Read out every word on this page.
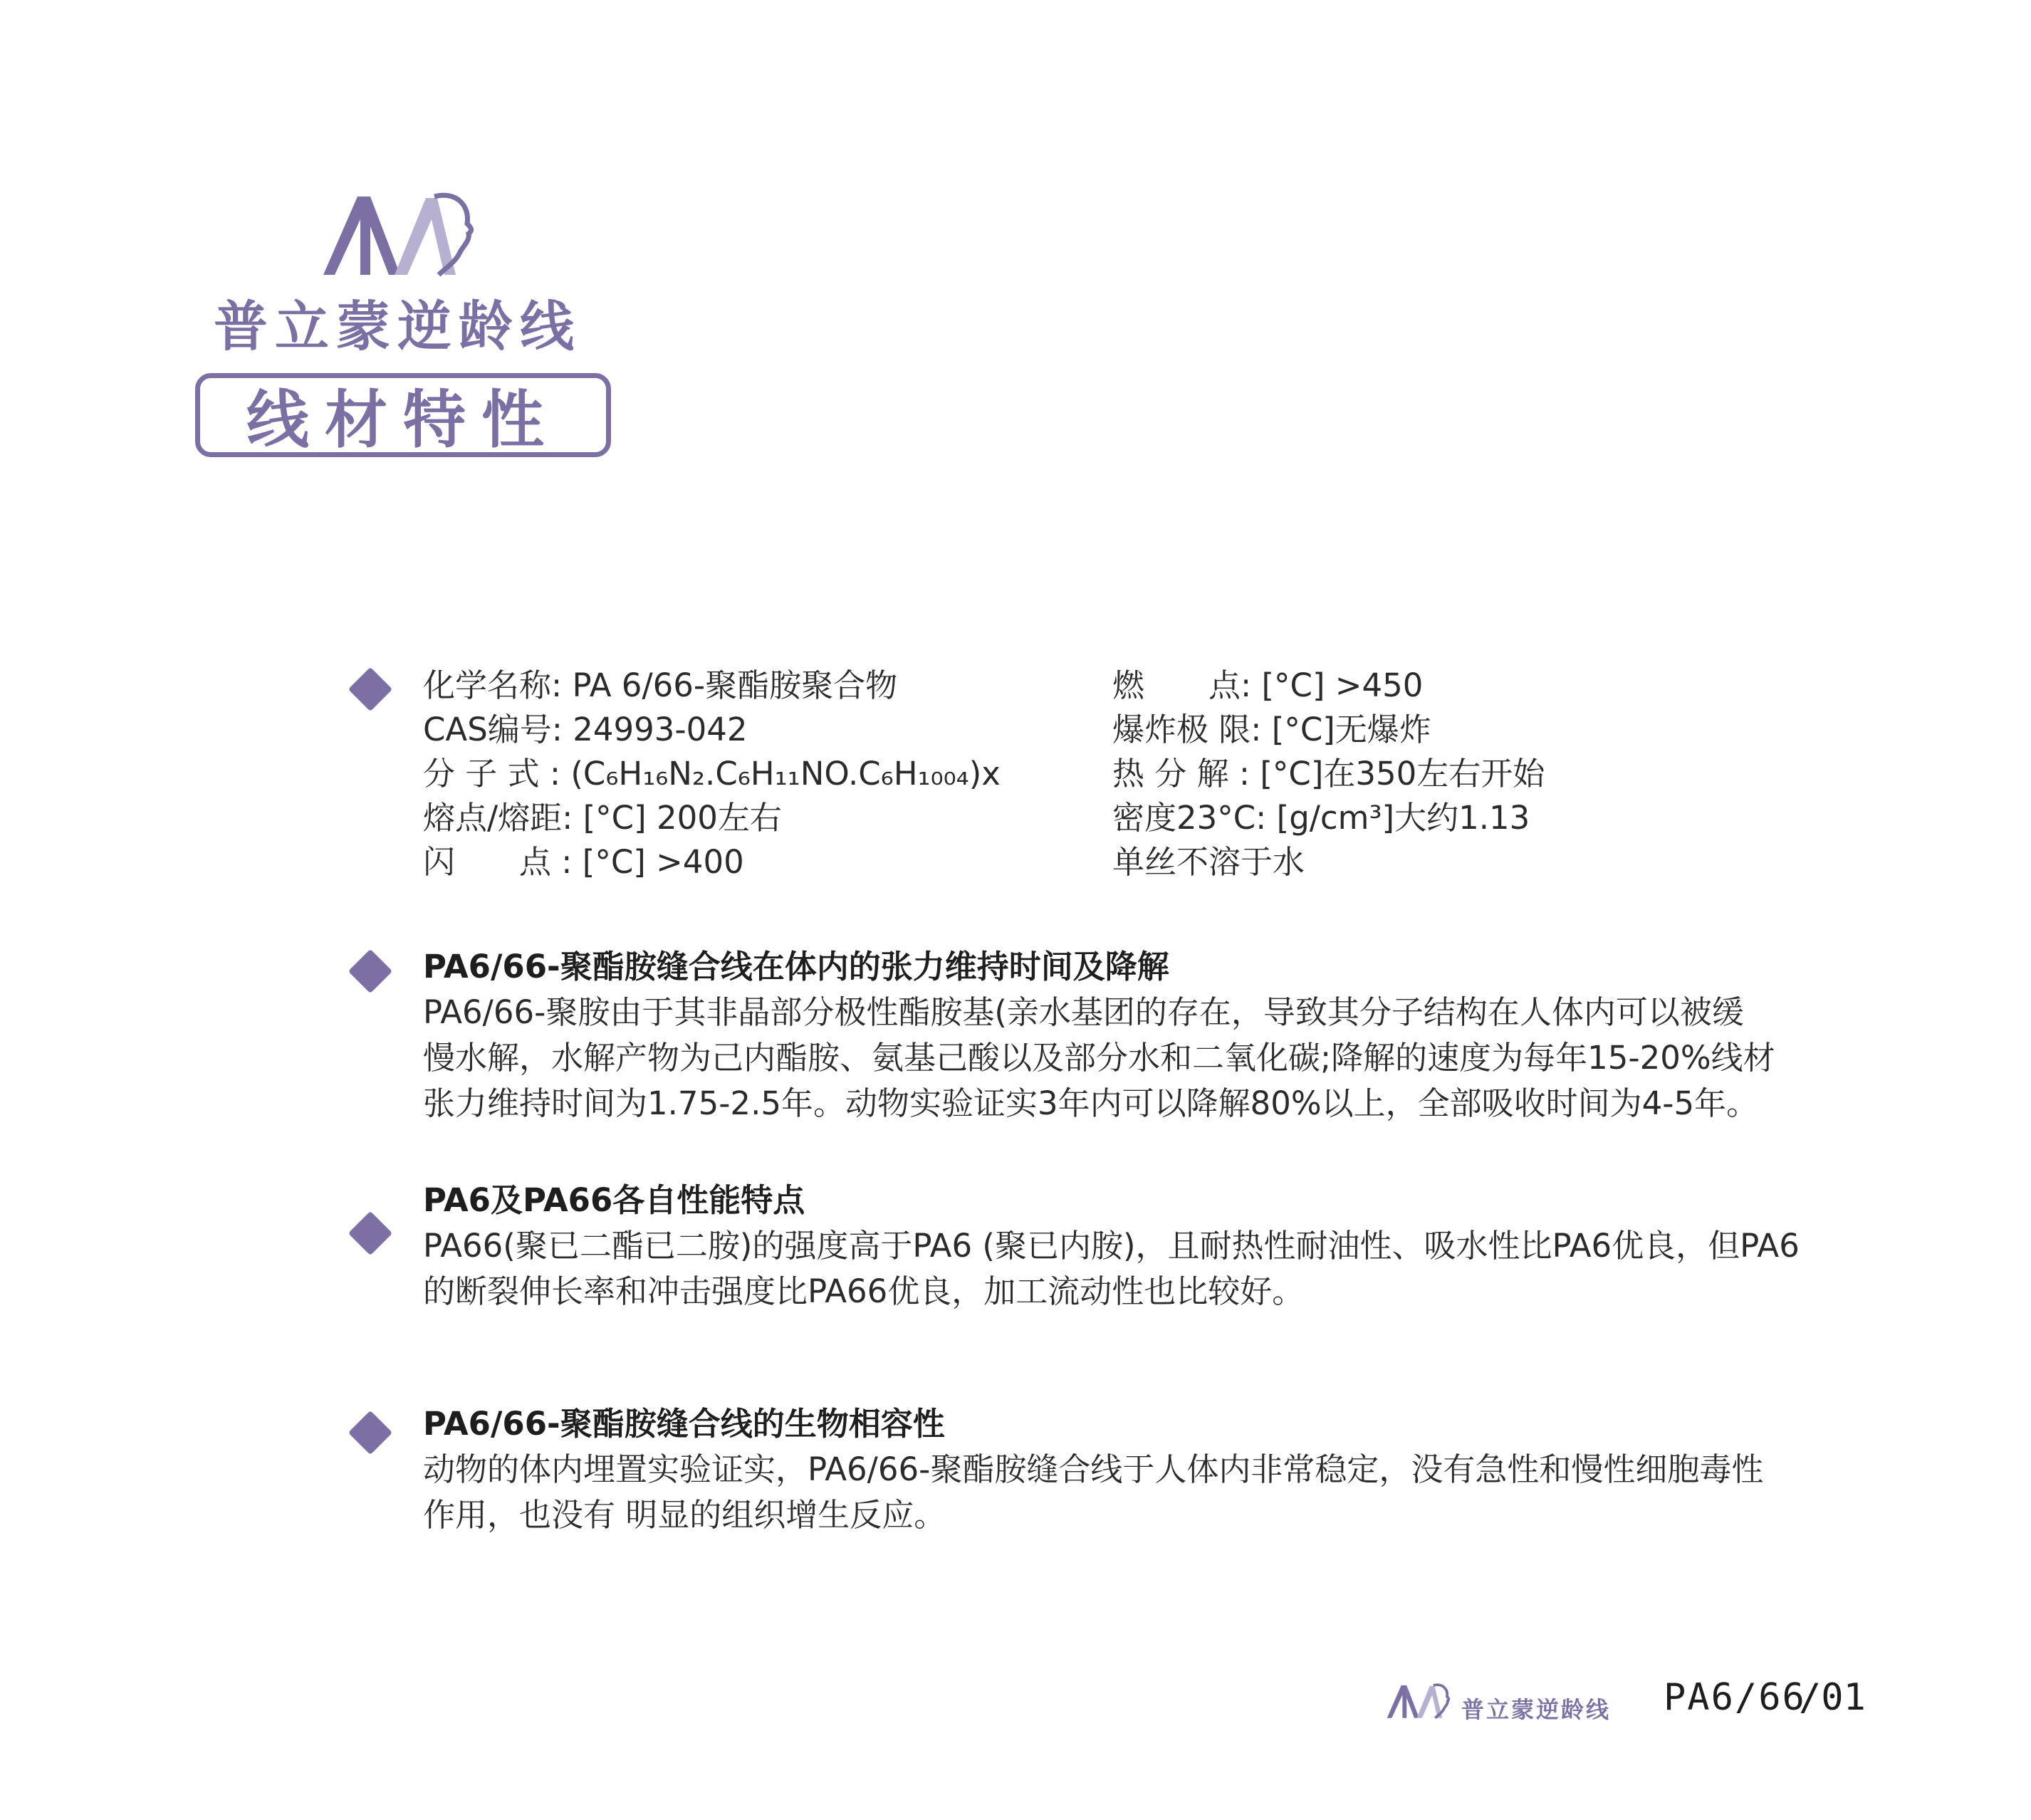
普立蒙逆龄线
线材特性
化学名称: PA 6/66-聚酯胺聚合物
CAS编号: 24993-042
分 子 式 : (C₆H₁₆N₂.C₆H₁₁NO.C₆H₁₀₀₄)x
熔点/熔距: [°C] 200左右
闪　　点 : [°C] >400
燃　　点: [°C] >450
爆炸极 限: [°C]无爆炸
热 分 解 : [°C]在350左右开始
密度23°C: [g/cm³]大约1.13
单丝不溶于水
PA6/66-聚酯胺缝合线在体内的张力维持时间及降解
PA6/66-聚胺由于其非晶部分极性酯胺基(亲水基团的存在，导致其分子结构在人体内可以被缓
慢水解，水解产物为己内酯胺、氨基己酸以及部分水和二氧化碳;降解的速度为每年15-20%线材
张力维持时间为1.75-2.5年。动物实验证实3年内可以降解80%以上，全部吸收时间为4-5年。
PA6及PA66各自性能特点
PA66(聚已二酯已二胺)的强度高于PA6 (聚已内胺)，且耐热性耐油性、吸水性比PA6优良，但PA6
的断裂伸长率和冲击强度比PA66优良，加工流动性也比较好。
PA6/66-聚酯胺缝合线的生物相容性
动物的体内埋置实验证实，PA6/66-聚酯胺缝合线于人体内非常稳定，没有急性和慢性细胞毒性
作用，也没有 明显的组织增生反应。
普立蒙逆龄线 PA6/66
/01
